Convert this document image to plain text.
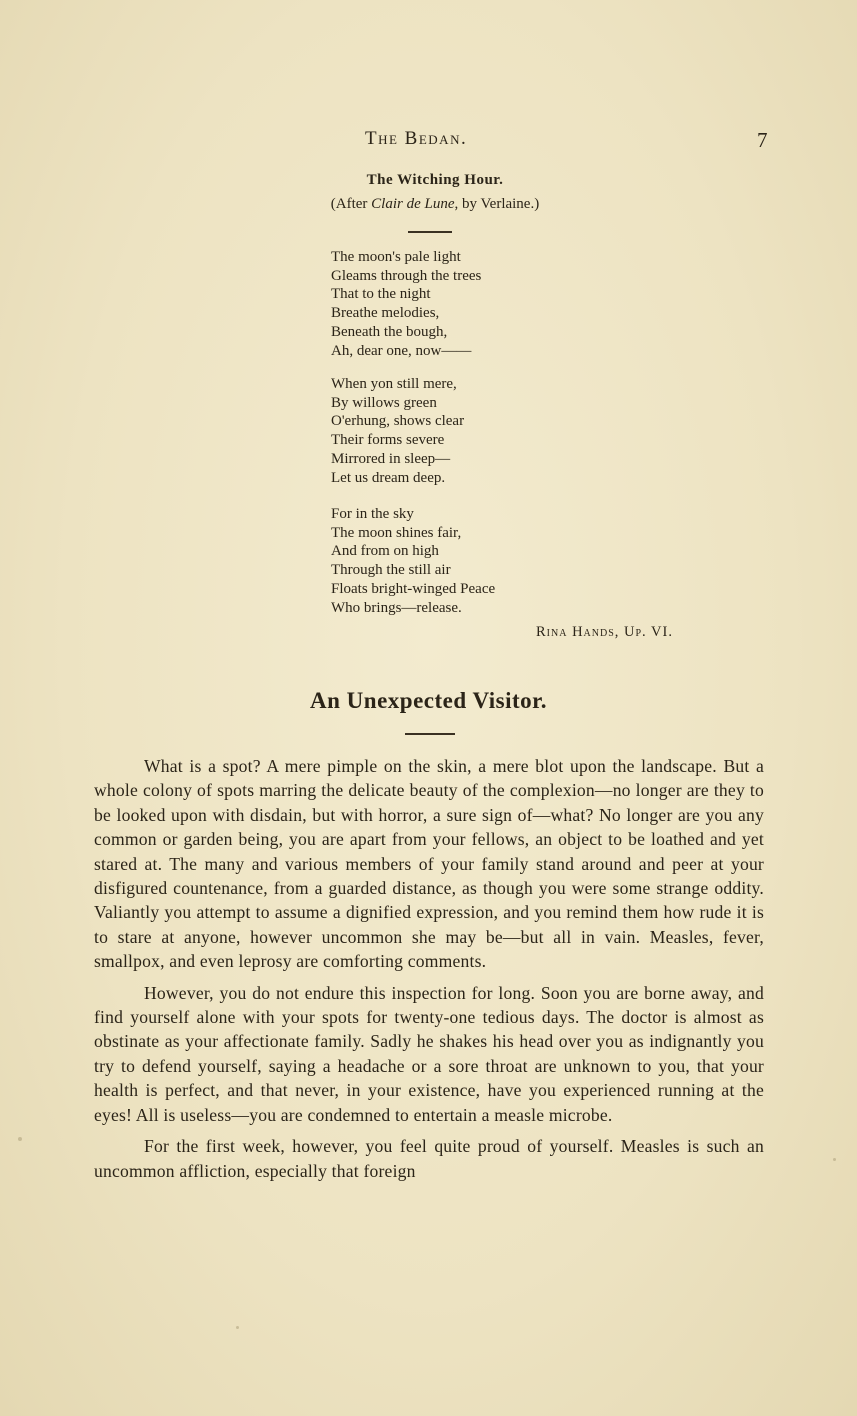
The Bedan.	7
The Witching Hour.
(After Clair de Lune, by Verlaine.)
The moon's pale light
Gleams through the trees
That to the night
Breathe melodies,
Beneath the bough,
Ah, dear one, now——
When yon still mere,
By willows green
O'erhung, shows clear
Their forms severe
Mirrored in sleep—
Let us dream deep.
For in the sky
The moon shines fair,
And from on high
Through the still air
Floats bright-winged Peace
Who brings—release.
Rina Hands, Up. VI.
An Unexpected Visitor.

What is a spot? A mere pimple on the skin, a mere blot upon the landscape. But a whole colony of spots marring the delicate beauty of the complexion—no longer are they to be looked upon with disdain, but with horror, a sure sign of—what? No longer are you any common or garden being, you are apart from your fellows, an object to be loathed and yet stared at. The many and various members of your family stand around and peer at your disfigured countenance, from a guarded distance, as though you were some strange oddity. Valiantly you attempt to assume a dignified expression, and you remind them how rude it is to stare at anyone, however uncommon she may be—but all in vain. Measles, fever, smallpox, and even leprosy are comforting comments.

However, you do not endure this inspection for long. Soon you are borne away, and find yourself alone with your spots for twenty-one tedious days. The doctor is almost as obstinate as your affectionate family. Sadly he shakes his head over you as indignantly you try to defend yourself, saying a headache or a sore throat are unknown to you, that your health is perfect, and that never, in your existence, have you experienced running at the eyes! All is useless—you are condemned to entertain a measle microbe.

For the first week, however, you feel quite proud of yourself. Measles is such an uncommon affliction, especially that foreign
